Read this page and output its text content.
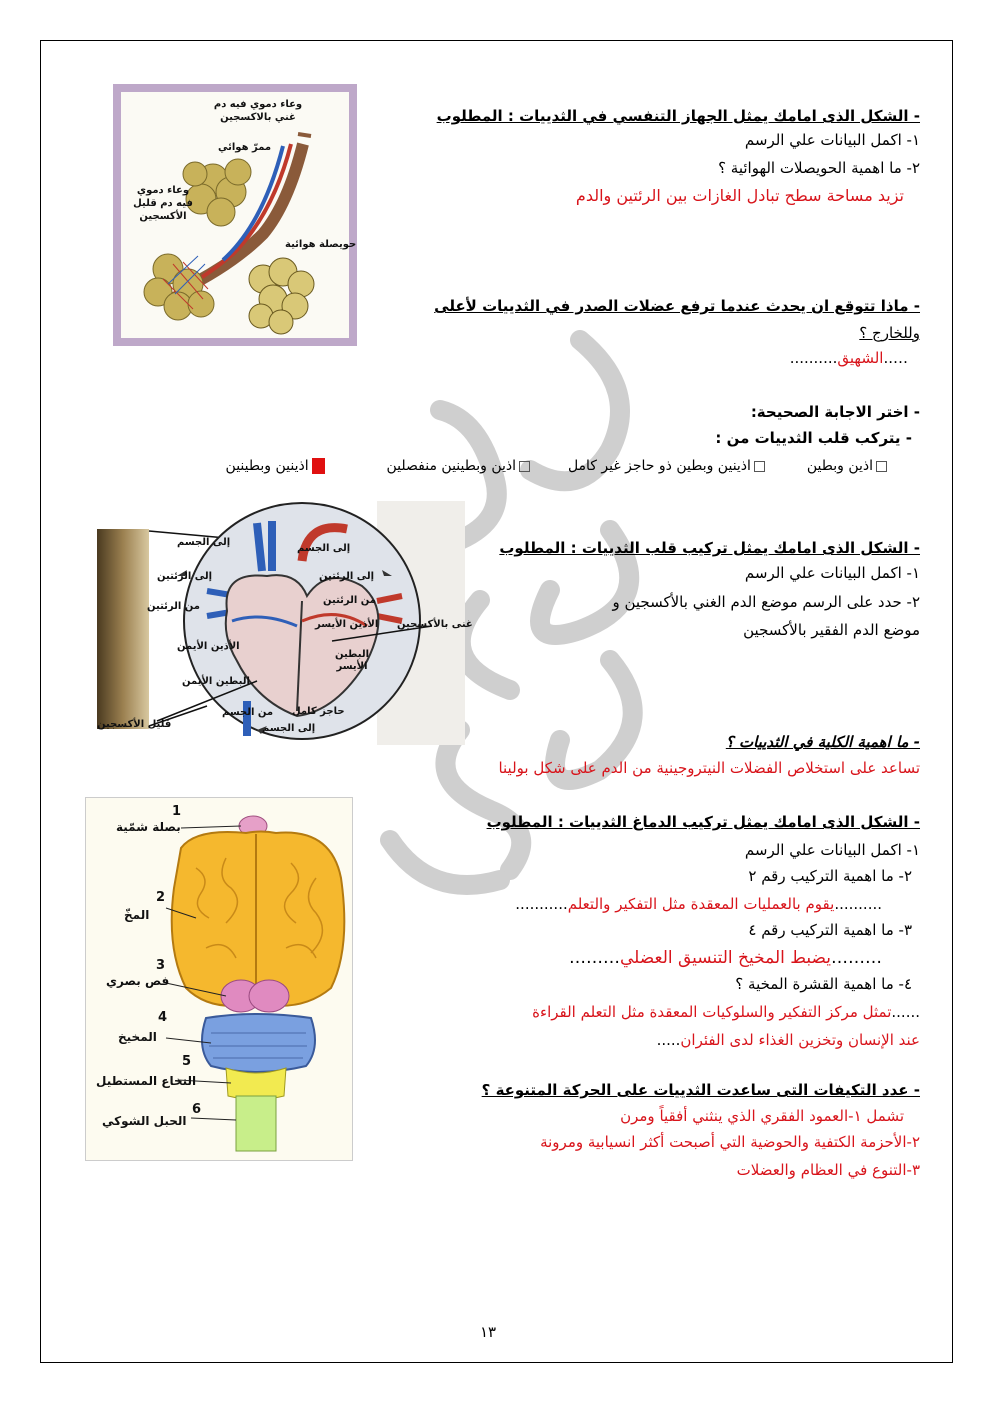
وعاء دموي فيه دم غني بالاكسجين
ممرّ هوائي
وعاء دموي فيه دم قليل الأكسجين
حويصلة هوائية
- الشكل الذى امامك يمثل الجهاز التنفسي في الثدييات : المطلوب
١- اكمل البيانات علي الرسم
٢- ما اهمية الحويصلات الهوائية ؟
تزيد مساحة سطح تبادل الغازات بين الرئتين والدم
- ماذا تتوقع ان يحدث عندما ترفع عضلات الصدر في الثدييات لأعلى
وللخارج ؟
…..الشهيق..........
- اختر الاجابة الصحيحة:
- يتركب قلب الثدييات من :
اذين وبطين  اذينين وبطين ذو حاجز غير كامل  اذين وبطينين منفصلين  اذينين وبطينين
إلى الجسم
إلى الجسم
إلى الرئتين
من الرئتين
إلى الرئتين
من الرئتين
الأذين الأيسر
الأذين الأيمن
البطين الأيسر
البطين الأيمن
حاجز كامل
من الجسم
إلى الجسم
غنى بالأكسجين
قليل الأكسجين
- الشكل الذى امامك يمثل تركيب قلب الثدييات : المطلوب
١- اكمل البيانات علي الرسم
٢- حدد على الرسم موضع الدم الغني بالأكسجين و
موضع الدم الفقير بالأكسجين
- ما اهمية الكلية في الثدييات ؟
تساعد على استخلاص الفضلات النيتروجينية من الدم على شكل بولينا
1
بصلة شمّية
2
المخّ
3
فص بصري
4
المخيخ
5
النخاع المستطيل
6
الحبل الشوكي
- الشكل الذى امامك يمثل تركيب الدماغ الثدييات : المطلوب
١- اكمل البيانات علي الرسم
٢- ما اهمية التركيب رقم ٢
..........يقوم بالعمليات المعقدة مثل التفكير والتعلم...........
٣- ما اهمية التركيب رقم ٤
………يضبط المخيخ التنسيق العضلي………
٤- ما اهمية القشرة المخية ؟
......تمثل مركز التفكير والسلوكيات المعقدة مثل التعلم القراءة
عند الإنسان وتخزين الغذاء لدى الفئران.....
- عدد التكيفات التى ساعدت الثدييات على الحركة المتنوعة ؟
تشمل ١-العمود الفقري الذي ينثني أفقياً ومرن
٢-الأحزمة الكتفية والحوضية التي أصبحت أكثر انسيابية ومرونة
٣-التنوع في العظام والعضلات
١٣
